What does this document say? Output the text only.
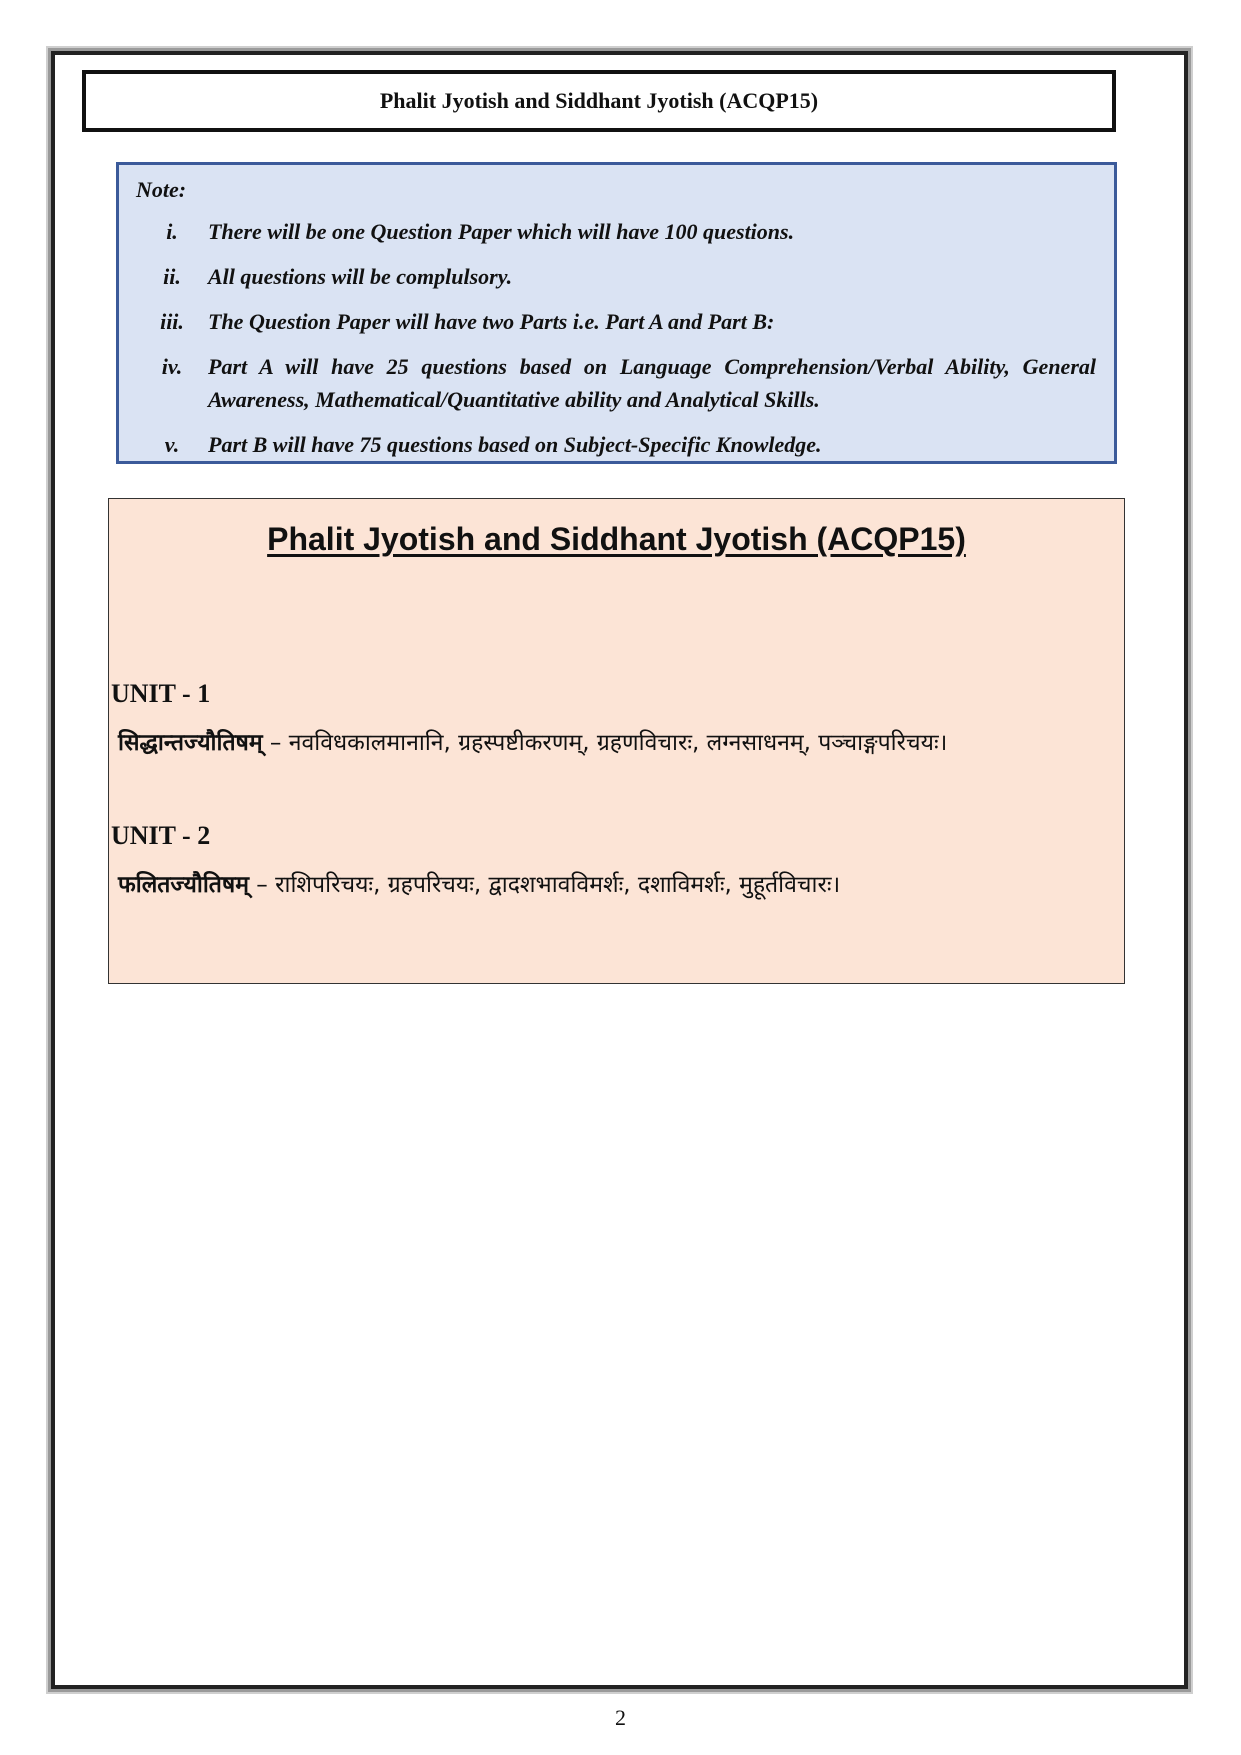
Phalit Jyotish and Siddhant Jyotish (ACQP15)
Note:
i.	There will be one Question Paper which will have 100 questions.
ii.	All questions will be complulsory.
iii.	The Question Paper will have two Parts i.e. Part A and Part B:
iv.	Part A will have 25 questions based on Language Comprehension/Verbal Ability, General Awareness, Mathematical/Quantitative ability and Analytical Skills.
v.	Part B will have 75 questions based on Subject-Specific Knowledge.
Phalit Jyotish and Siddhant Jyotish (ACQP15)
UNIT - 1
सिद्धान्तज्यौतिषम् – नवविधकालमानानि, ग्रहस्पष्टीकरणम्, ग्रहणविचारः, लग्नसाधनम्, पञ्चाङ्गपरिचयः।
UNIT - 2
फलितज्यौतिषम् – राशिपरिचयः, ग्रहपरिचयः, द्वादशभावविमर्शः, दशाविमर्शः, मुहूर्तविचारः।
2
